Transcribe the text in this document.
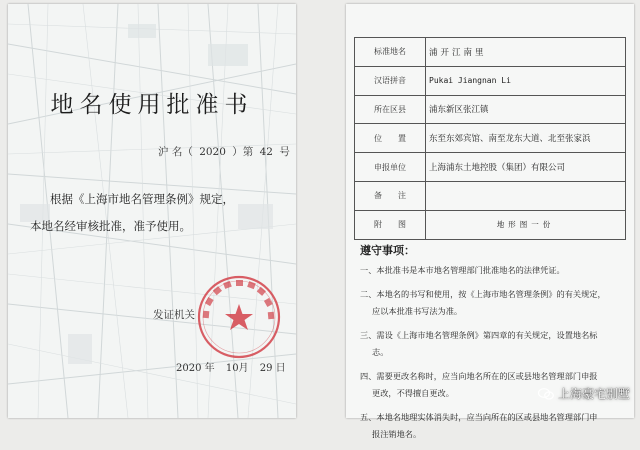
地名使用批准书
沪 名（ 2020 ）第 42 号

根据《上海市地名管理条例》规定，

本地名经审核批准，准予使用。

发证机关
2020 年 10月 29 日
标准地名	浦开江南里
汉语拼音	Pukai Jiangnan Li
所在区县	浦东新区张江镇
位　　置	东至东郊宾馆、南至龙东大道、北至张家浜
申报单位	上海浦东土地控股（集团）有限公司
备　　注	
附　　图	地形图一份
遵守事项：
一、本批准书是本市地名管理部门批准地名的法律凭证。
二、本地名的书写和使用，按《上海市地名管理条例》的有关规定，
应以本批准书写法为准。
三、需设《上海市地名管理条例》第四章的有关规定，设置地名标
志。
四、需要更改名称时，应当向地名所在的区或县地名管理部门申报
更改，不得擅自更改。
五、本地名地理实体消失时，应当向所在的区或县地名管理部门申
报注销地名。
上海豪宅别墅
